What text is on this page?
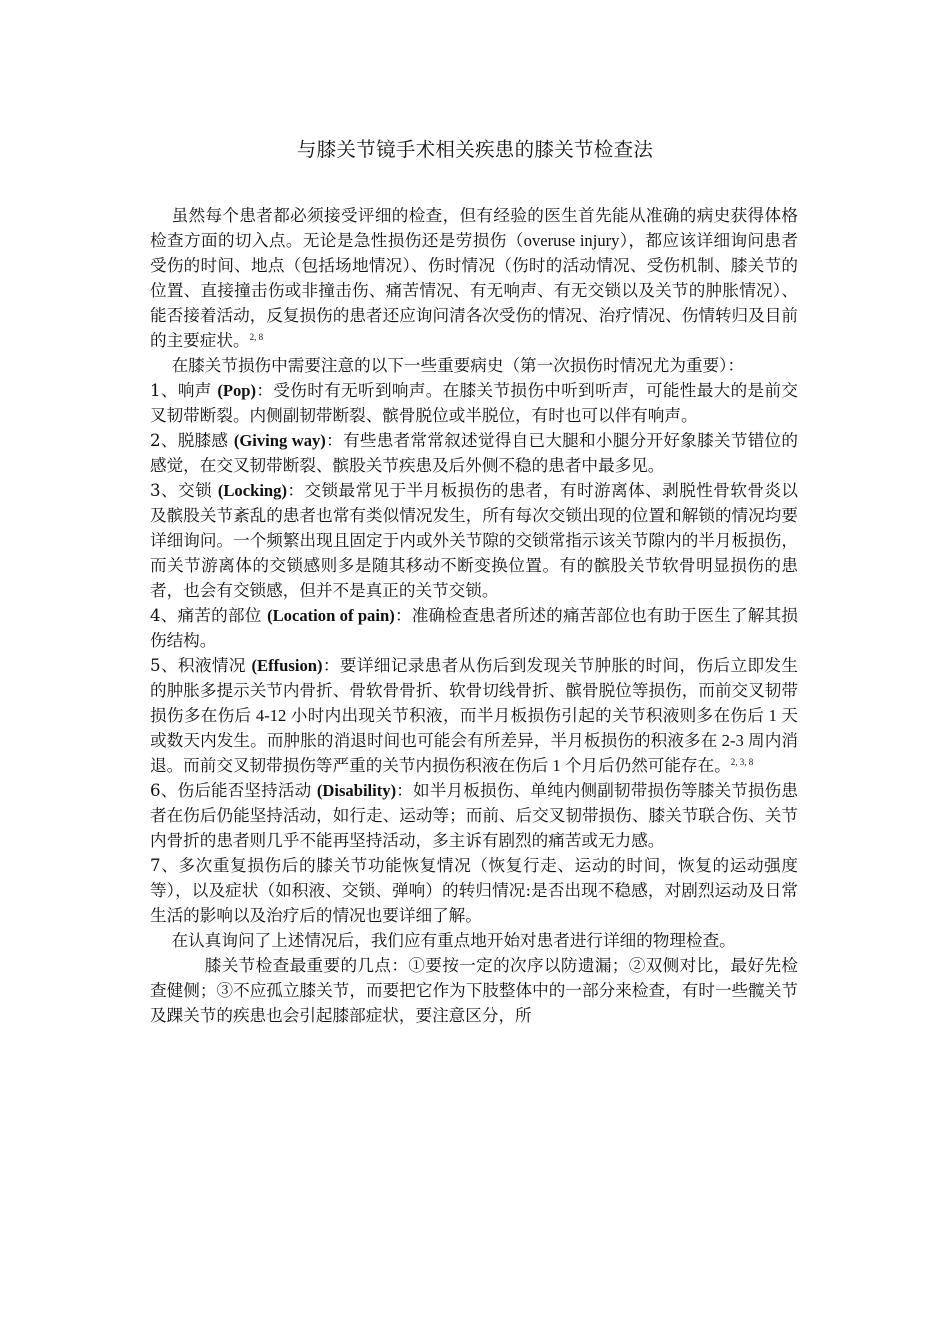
与膝关节镜手术相关疾患的膝关节检查法

虽然每个患者都必须接受评细的检查，但有经验的医生首先能从准确的病史获得体格检查方面的切入点。无论是急性损伤还是劳损伤（overuse injury），都应该详细询问患者受伤的时间、地点（包括场地情况）、伤时情况（伤时的活动情况、受伤机制、膝关节的位置、直接撞击伤或非撞击伤、痛苦情况、有无响声、有无交锁以及关节的肿胀情况）、能否接着活动，反复损伤的患者还应询问清各次受伤的情况、治疗情况、伤情转归及目前的主要症状。$^{2, 8}$

在膝关节损伤中需要注意的以下一些重要病史（第一次损伤时情况尤为重要）：

1、响声 (Pop)：受伤时有无听到响声。在膝关节损伤中听到听声，可能性最大的是前交叉韧带断裂。内侧副韧带断裂、髌骨脱位或半脱位，有时也可以伴有响声。

2、脱膝感 (Giving way)：有些患者常常叙述觉得自已大腿和小腿分开好象膝关节错位的感觉，在交叉韧带断裂、髌股关节疾患及后外侧不稳的患者中最多见。

3、交锁 (Locking)：交锁最常见于半月板损伤的患者，有时游离体、剥脱性骨软骨炎以及髌股关节紊乱的患者也常有类似情况发生，所有每次交锁出现的位置和解锁的情况均要详细询问。一个频繁出现且固定于内或外关节隙的交锁常指示该关节隙内的半月板损伤，而关节游离体的交锁感则多是随其移动不断变换位置。有的髌股关节软骨明显损伤的患者，也会有交锁感，但并不是真正的关节交锁。

4、痛苦的部位 (Location of pain)：准确检查患者所述的痛苦部位也有助于医生了解其损伤结构。

5、积液情况 (Effusion)：要详细记录患者从伤后到发现关节肿胀的时间，伤后立即发生的肿胀多提示关节内骨折、骨软骨骨折、软骨切线骨折、髌骨脱位等损伤，而前交叉韧带损伤多在伤后 4-12 小时内出现关节积液，而半月板损伤引起的关节积液则多在伤后 1 天或数天内发生。而肿胀的消退时间也可能会有所差异，半月板损伤的积液多在 2-3 周内消退。而前交叉韧带损伤等严重的关节内损伤积液在伤后 1 个月后仍然可能存在。$^{2, 3, 8}$

6、伤后能否坚持活动 (Disability)：如半月板损伤、单纯内侧副韧带损伤等膝关节损伤患者在伤后仍能坚持活动，如行走、运动等；而前、后交叉韧带损伤、膝关节联合伤、关节内骨折的患者则几乎不能再坚持活动，多主诉有剧烈的痛苦或无力感。

7、多次重复损伤后的膝关节功能恢复情况（恢复行走、运动的时间，恢复的运动强度等），以及症状（如积液、交锁、弹响）的转归情况:是否出现不稳感，对剧烈运动及日常生活的影响以及治疗后的情况也要详细了解。

在认真询问了上述情况后，我们应有重点地开始对患者进行详细的物理检查。

膝关节检查最重要的几点：①要按一定的次序以防遗漏；②双侧对比，最好先检查健侧；③不应孤立膝关节，而要把它作为下肢整体中的一部分来检查，有时一些髋关节及踝关节的疾患也会引起膝部症状，要注意区分，所
